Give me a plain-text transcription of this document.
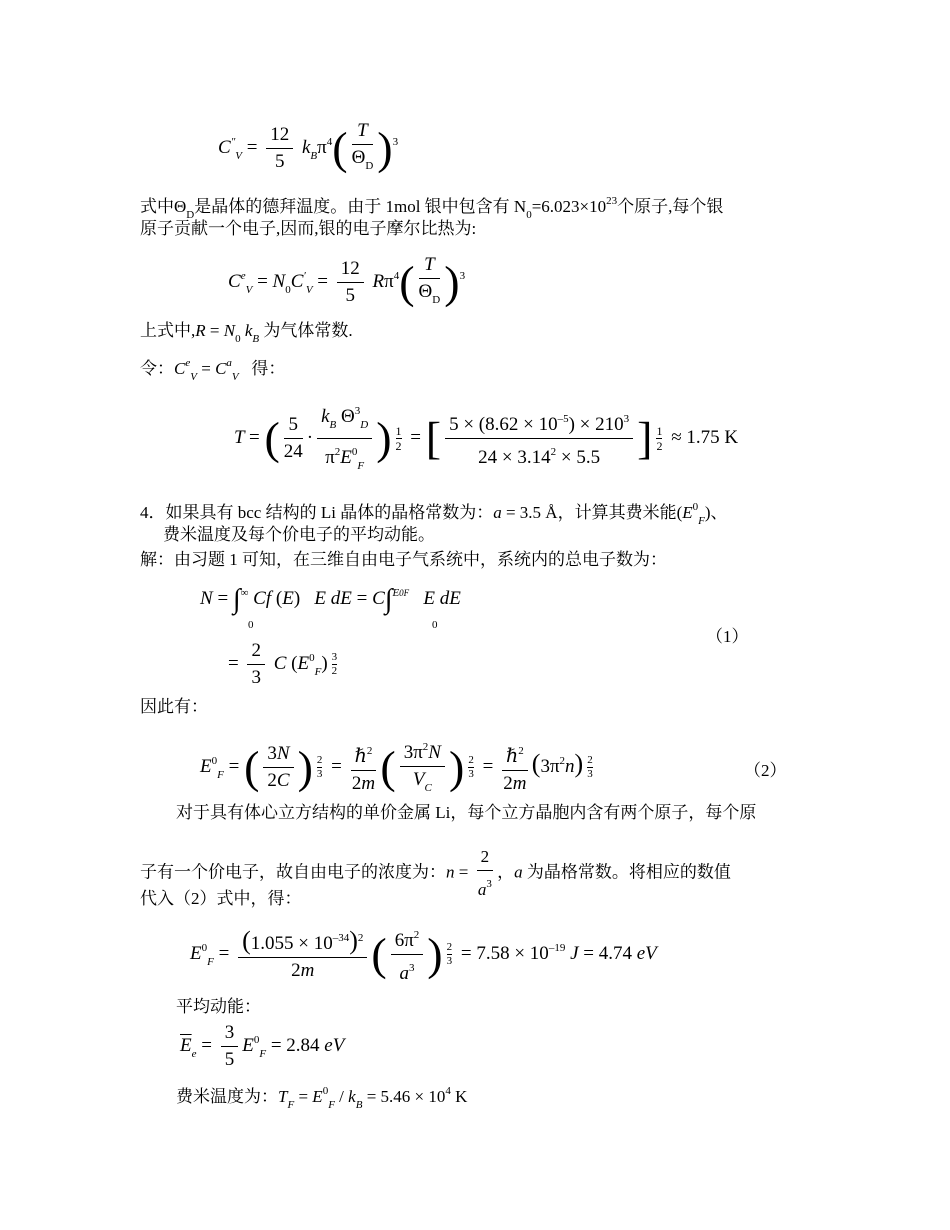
$C''_V = \frac{12}{5} k_B\pi^4( \frac{T}{\Theta_D} )^3$
式中$\Theta_D$是晶体的德拜温度。由于 1mol 银中包含有 $N_0=6.023\times 10^{23}$个原子,每个银
原子贡献一个电子,因而,银的电子摩尔比热为:
$C^e_V = N_0C'_V = \frac{12}{5} R\pi^4( \frac{T}{\Theta_D} )^3$
上式中$,R = N_0$ $k_B$ 为气体常数.
令：$C^e_V = C^a_V$ 得：
T = ( $\frac{5}{24} \cdot \frac{k_B \Theta^3_D}{\pi^2E^0_F}$ ) $\frac{1}{2}$ = [ $\frac{5 \times (8.62 \times 10^{-5}) \times 210^3}{24 \times 3.14^2 \times 5.5}$ ] $\frac{1}{2} \approx 1.75$ K
4．如果具有 bcc 结构的 Li 晶体的晶格常数为：a = 3.5 Å，计算其费米能$(E^0_F)$、
费米温度及每个价电子的平均动能。
解：由习题 1 可知，在三维自由电子气系统中，系统内的总电子数为：
N = ∫∞ Cf (E)   E dE = C∫$^{E0F}$   E dE
0	0
= $\frac{2}{3}$ C $(E^0_F) \frac{3}{2}$
（1）
因此有：
$E^0_F$ = ( $\frac{3N}{2C}$ ) $\frac{2}{3} = \frac{\hbar^2}{2m}$ ( $\frac{3\pi^2N}{V_C}$ ) $\frac{2}{3} = \frac{\hbar^2}{2m} (3\pi^2n) \frac{2}{3}$	（2）
对于具有体心立方结构的单价金属 Li，每个立方晶胞内含有两个原子，每个原
子有一个价电子，故自由电子的浓度为：$n = \frac{2}{a^3}$ ，a 为晶格常数。将相应的数值
代入（2）式中，得：
$E^0_F = \frac{(1.055 \times 10^{-34})^2}{2m}$ ( $\frac{6\pi^2}{a^3}$ ) $\frac{2}{3} = 7.58 \times 10^{-19}$ J = 4.74 eV
平均动能：
$\overline{E}_e = \frac{3}{5} E^0_F = 2.84$ eV
费米温度为：$T_F = E^0_F / k_B = 5.46 \times 10^4$ K
